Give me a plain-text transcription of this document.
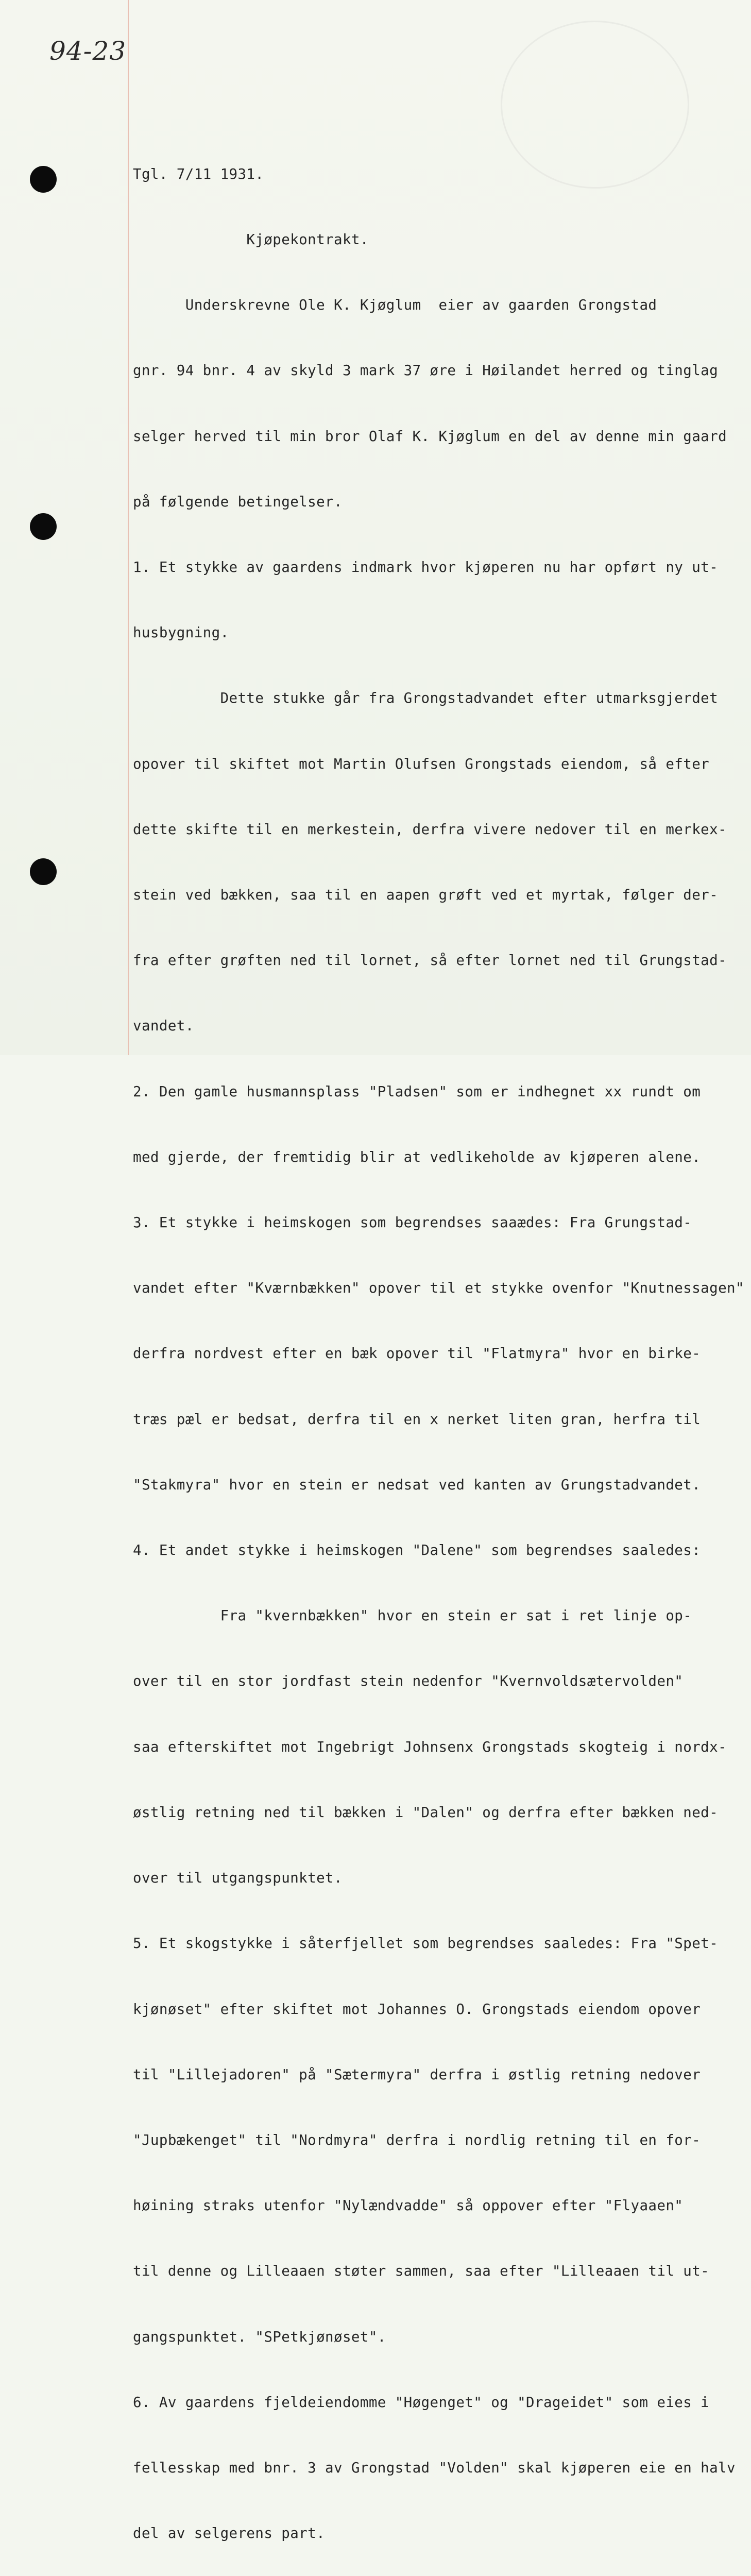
94-23

Tgl. 7/11 1931.

Kjøpekontrakt.

Underskrevne Ole K. Kjøglum  eier av gaarden Grongstad

gnr. 94 bnr. 4 av skyld 3 mark 37 øre i Høilandet herred og tinglag

selger herved til min bror Olaf K. Kjøglum en del av denne min gaard

på følgende betingelser.

1. Et stykke av gaardens indmark hvor kjøperen nu har opført ny ut-

husbygning.

Dette stukke går fra Grongstadvandet efter utmarksgjerdet

opover til skiftet mot Martin Olufsen Grongstads eiendom, så efter

dette skifte til en merkestein, derfra vivere nedover til en merkex-

stein ved bækken, saa til en aapen grøft ved et myrtak, følger der-

fra efter grøften ned til lornet, så efter lornet ned til Grungstad-

vandet.

2. Den gamle husmannsplass "Pladsen" som er indhegnet xx rundt om

med gjerde, der fremtidig blir at vedlikeholde av kjøperen alene.

3. Et stykke i heimskogen som begrendses saaædes: Fra Grungstad-

vandet efter "Kværnbækken" opover til et stykke ovenfor "Knutnessagen"

derfra nordvest efter en bæk opover til "Flatmyra" hvor en birke-

træs pæl er bedsat, derfra til en x nerket liten gran, herfra til

"Stakmyra" hvor en stein er nedsat ved kanten av Grungstadvandet.

4. Et andet stykke i heimskogen "Dalene" som begrendses saaledes:

Fra "kvernbækken" hvor en stein er sat i ret linje op-

over til en stor jordfast stein nedenfor "Kvernvoldsætervolden"

saa efterskiftet mot Ingebrigt Johnsenx Grongstads skogteig i nordx-

østlig retning ned til bækken i "Dalen" og derfra efter bækken ned-

over til utgangspunktet.

5. Et skogstykke i såterfjellet som begrendses saaledes: Fra "Spet-

kjønøset" efter skiftet mot Johannes O. Grongstads eiendom opover

til "Lillejadoren" på "Sætermyra" derfra i østlig retning nedover

"Jupbækenget" til "Nordmyra" derfra i nordlig retning til en for-

høining straks utenfor "Nylændvadde" så oppover efter "Flyaaen"

til denne og Lilleaaen støter sammen, saa efter "Lilleaaen til ut-

gangspunktet. "SPetkjønøset".

6. Av gaardens fjeldeiendomme "Høgenget" og "Drageidet" som eies i

fellesskap med bnr. 3 av Grongstad "Volden" skal kjøperen eie en halv

del av selgerens part.
